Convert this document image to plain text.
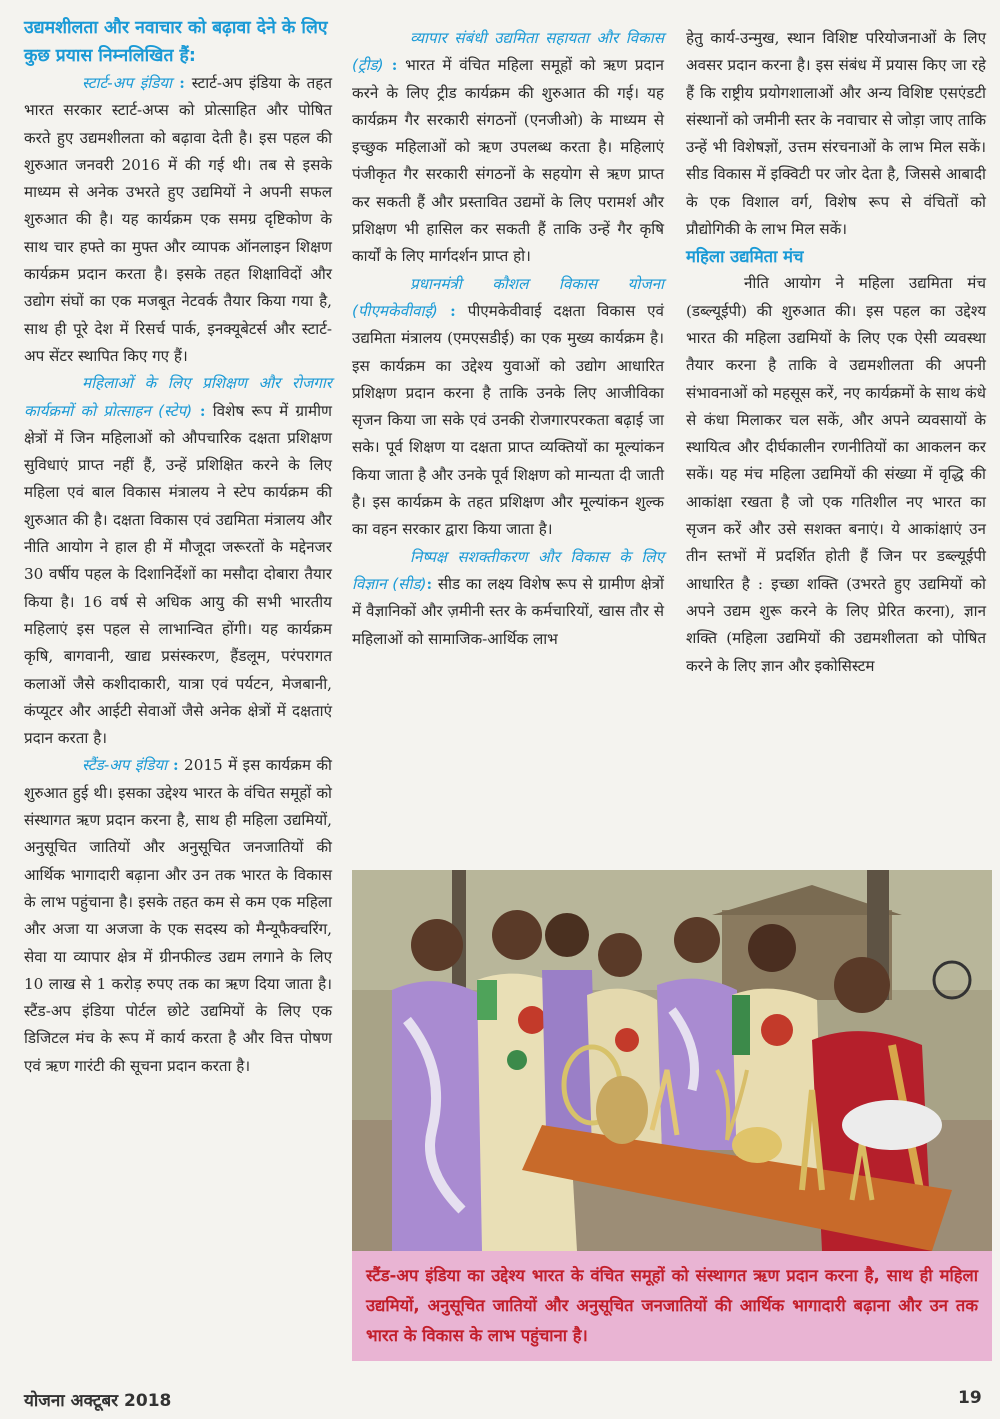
उद्यमशीलता और नवाचार को बढ़ावा देने के लिए कुछ प्रयास निम्नलिखित हैं:

स्टार्ट-अप इंडिया : स्टार्ट-अप इंडिया के तहत भारत सरकार स्टार्ट-अप्स को प्रोत्साहित और पोषित करते हुए उद्यमशीलता को बढ़ावा देती है। इस पहल की शुरुआत जनवरी 2016 में की गई थी। तब से इसके माध्यम से अनेक उभरते हुए उद्यमियों ने अपनी सफल शुरुआत की है। यह कार्यक्रम एक समग्र दृष्टिकोण के साथ चार हफ्ते का मुफ्त और व्यापक ऑनलाइन शिक्षण कार्यक्रम प्रदान करता है। इसके तहत शिक्षाविदों और उद्योग संघों का एक मजबूत नेटवर्क तैयार किया गया है, साथ ही पूरे देश में रिसर्च पार्क, इनक्यूबेटर्स और स्टार्ट-अप सेंटर स्थापित किए गए हैं।

महिलाओं के लिए प्रशिक्षण और रोजगार कार्यक्रमों को प्रोत्साहन (स्टेप) : विशेष रूप में ग्रामीण क्षेत्रों में जिन महिलाओं को औपचारिक दक्षता प्रशिक्षण सुविधाएं प्राप्त नहीं हैं, उन्हें प्रशिक्षित करने के लिए महिला एवं बाल विकास मंत्रालय ने स्टेप कार्यक्रम की शुरुआत की है। दक्षता विकास एवं उद्यमिता मंत्रालय और नीति आयोग ने हाल ही में मौजूदा जरूरतों के मद्देनजर 30 वर्षीय पहल के दिशानिर्देशों का मसौदा दोबारा तैयार किया है। 16 वर्ष से अधिक आयु की सभी भारतीय महिलाएं इस पहल से लाभान्वित होंगी। यह कार्यक्रम कृषि, बागवानी, खाद्य प्रसंस्करण, हैंडलूम, परंपरागत कलाओं जैसे कशीदाकारी, यात्रा एवं पर्यटन, मेजबानी, कंप्यूटर और आईटी सेवाओं जैसे अनेक क्षेत्रों में दक्षताएं प्रदान करता है।

स्टैंड-अप इंडिया : 2015 में इस कार्यक्रम की शुरुआत हुई थी। इसका उद्देश्य भारत के वंचित समूहों को संस्थागत ऋण प्रदान करना है, साथ ही महिला उद्यमियों, अनुसूचित जातियों और अनुसूचित जनजातियों की आर्थिक भागादारी बढ़ाना और उन तक भारत के विकास के लाभ पहुंचाना है। इसके तहत कम से कम एक महिला और अजा या अजजा के एक सदस्य को मैन्यूफैक्चरिंग, सेवा या व्यापार क्षेत्र में ग्रीनफील्ड उद्यम लगाने के लिए 10 लाख से 1 करोड़ रुपए तक का ऋण दिया जाता है। स्टैंड-अप इंडिया पोर्टल छोटे उद्यमियों के लिए एक डिजिटल मंच के रूप में कार्य करता है और वित्त पोषण एवं ऋण गारंटी की सूचना प्रदान करता है।

व्यापार संबंधी उद्यमिता सहायता और विकास (ट्रीड) : भारत में वंचित महिला समूहों को ऋण प्रदान करने के लिए ट्रीड कार्यक्रम की शुरुआत की गई। यह कार्यक्रम गैर सरकारी संगठनों (एनजीओ) के माध्यम से इच्छुक महिलाओं को ऋण उपलब्ध करता है। महिलाएं पंजीकृत गैर सरकारी संगठनों के सहयोग से ऋण प्राप्त कर सकती हैं और प्रस्तावित उद्यमों के लिए परामर्श और प्रशिक्षण भी हासिल कर सकती हैं ताकि उन्हें गैर कृषि कार्यों के लिए मार्गदर्शन प्राप्त हो।

प्रधानमंत्री कौशल विकास योजना (पीएमकेवीवाई) : पीएमकेवीवाई दक्षता विकास एवं उद्यमिता मंत्रालय (एमएसडीई) का एक मुख्य कार्यक्रम है। इस कार्यक्रम का उद्देश्य युवाओं को उद्योग आधारित प्रशिक्षण प्रदान करना है ताकि उनके लिए आजीविका सृजन किया जा सके एवं उनकी रोजगारपरकता बढ़ाई जा सके। पूर्व शिक्षण या दक्षता प्राप्त व्यक्तियों का मूल्यांकन किया जाता है और उनके पूर्व शिक्षण को मान्यता दी जाती है। इस कार्यक्रम के तहत प्रशिक्षण और मूल्यांकन शुल्क का वहन सरकार द्वारा किया जाता है।

निष्पक्ष सशक्तीकरण और विकास के लिए विज्ञान (सीड): सीड का लक्ष्य विशेष रूप से ग्रामीण क्षेत्रों में वैज्ञानिकों और ज़मीनी स्तर के कर्मचारियों, खास तौर से महिलाओं को सामाजिक-आर्थिक लाभ

हेतु कार्य-उन्मुख, स्थान विशिष्ट परियोजनाओं के लिए अवसर प्रदान करना है। इस संबंध में प्रयास किए जा रहे हैं कि राष्ट्रीय प्रयोगशालाओं और अन्य विशिष्ट एसएंडटी संस्थानों को जमीनी स्तर के नवाचार से जोड़ा जाए ताकि उन्हें भी विशेषज्ञों, उत्तम संरचनाओं के लाभ मिल सकें। सीड विकास में इक्विटी पर जोर देता है, जिससे आबादी के एक विशाल वर्ग, विशेष रूप से वंचितों को प्रौद्योगिकी के लाभ मिल सकें।

महिला उद्यमिता मंच

नीति आयोग ने महिला उद्यमिता मंच (डब्ल्यूईपी) की शुरुआत की। इस पहल का उद्देश्य भारत की महिला उद्यमियों के लिए एक ऐसी व्यवस्था तैयार करना है ताकि वे उद्यमशीलता की अपनी संभावनाओं को महसूस करें, नए कार्यक्रमों के साथ कंधे से कंधा मिलाकर चल सकें, और अपने व्यवसायों के स्थायित्व और दीर्घकालीन रणनीतियों का आकलन कर सकें। यह मंच महिला उद्यमियों की संख्या में वृद्धि की आकांक्षा रखता है जो एक गतिशील नए भारत का सृजन करें और उसे सशक्त बनाएं। ये आकांक्षाएं उन तीन स्तभों में प्रदर्शित होती हैं जिन पर डब्ल्यूईपी आधारित है : इच्छा शक्ति (उभरते हुए उद्यमियों को अपने उद्यम शुरू करने के लिए प्रेरित करना), ज्ञान शक्ति (महिला उद्यमियों की उद्यमशीलता को पोषित करने के लिए ज्ञान और इकोसिस्टम

स्टैंड-अप इंडिया का उद्देश्य भारत के वंचित समूहों को संस्थागत ऋण प्रदान करना है, साथ ही महिला उद्यमियों, अनुसूचित जातियों और अनुसूचित जनजातियों की आर्थिक भागादारी बढ़ाना और उन तक भारत के विकास के लाभ पहुंचाना है।
योजना अक्टूबर 2018	19
